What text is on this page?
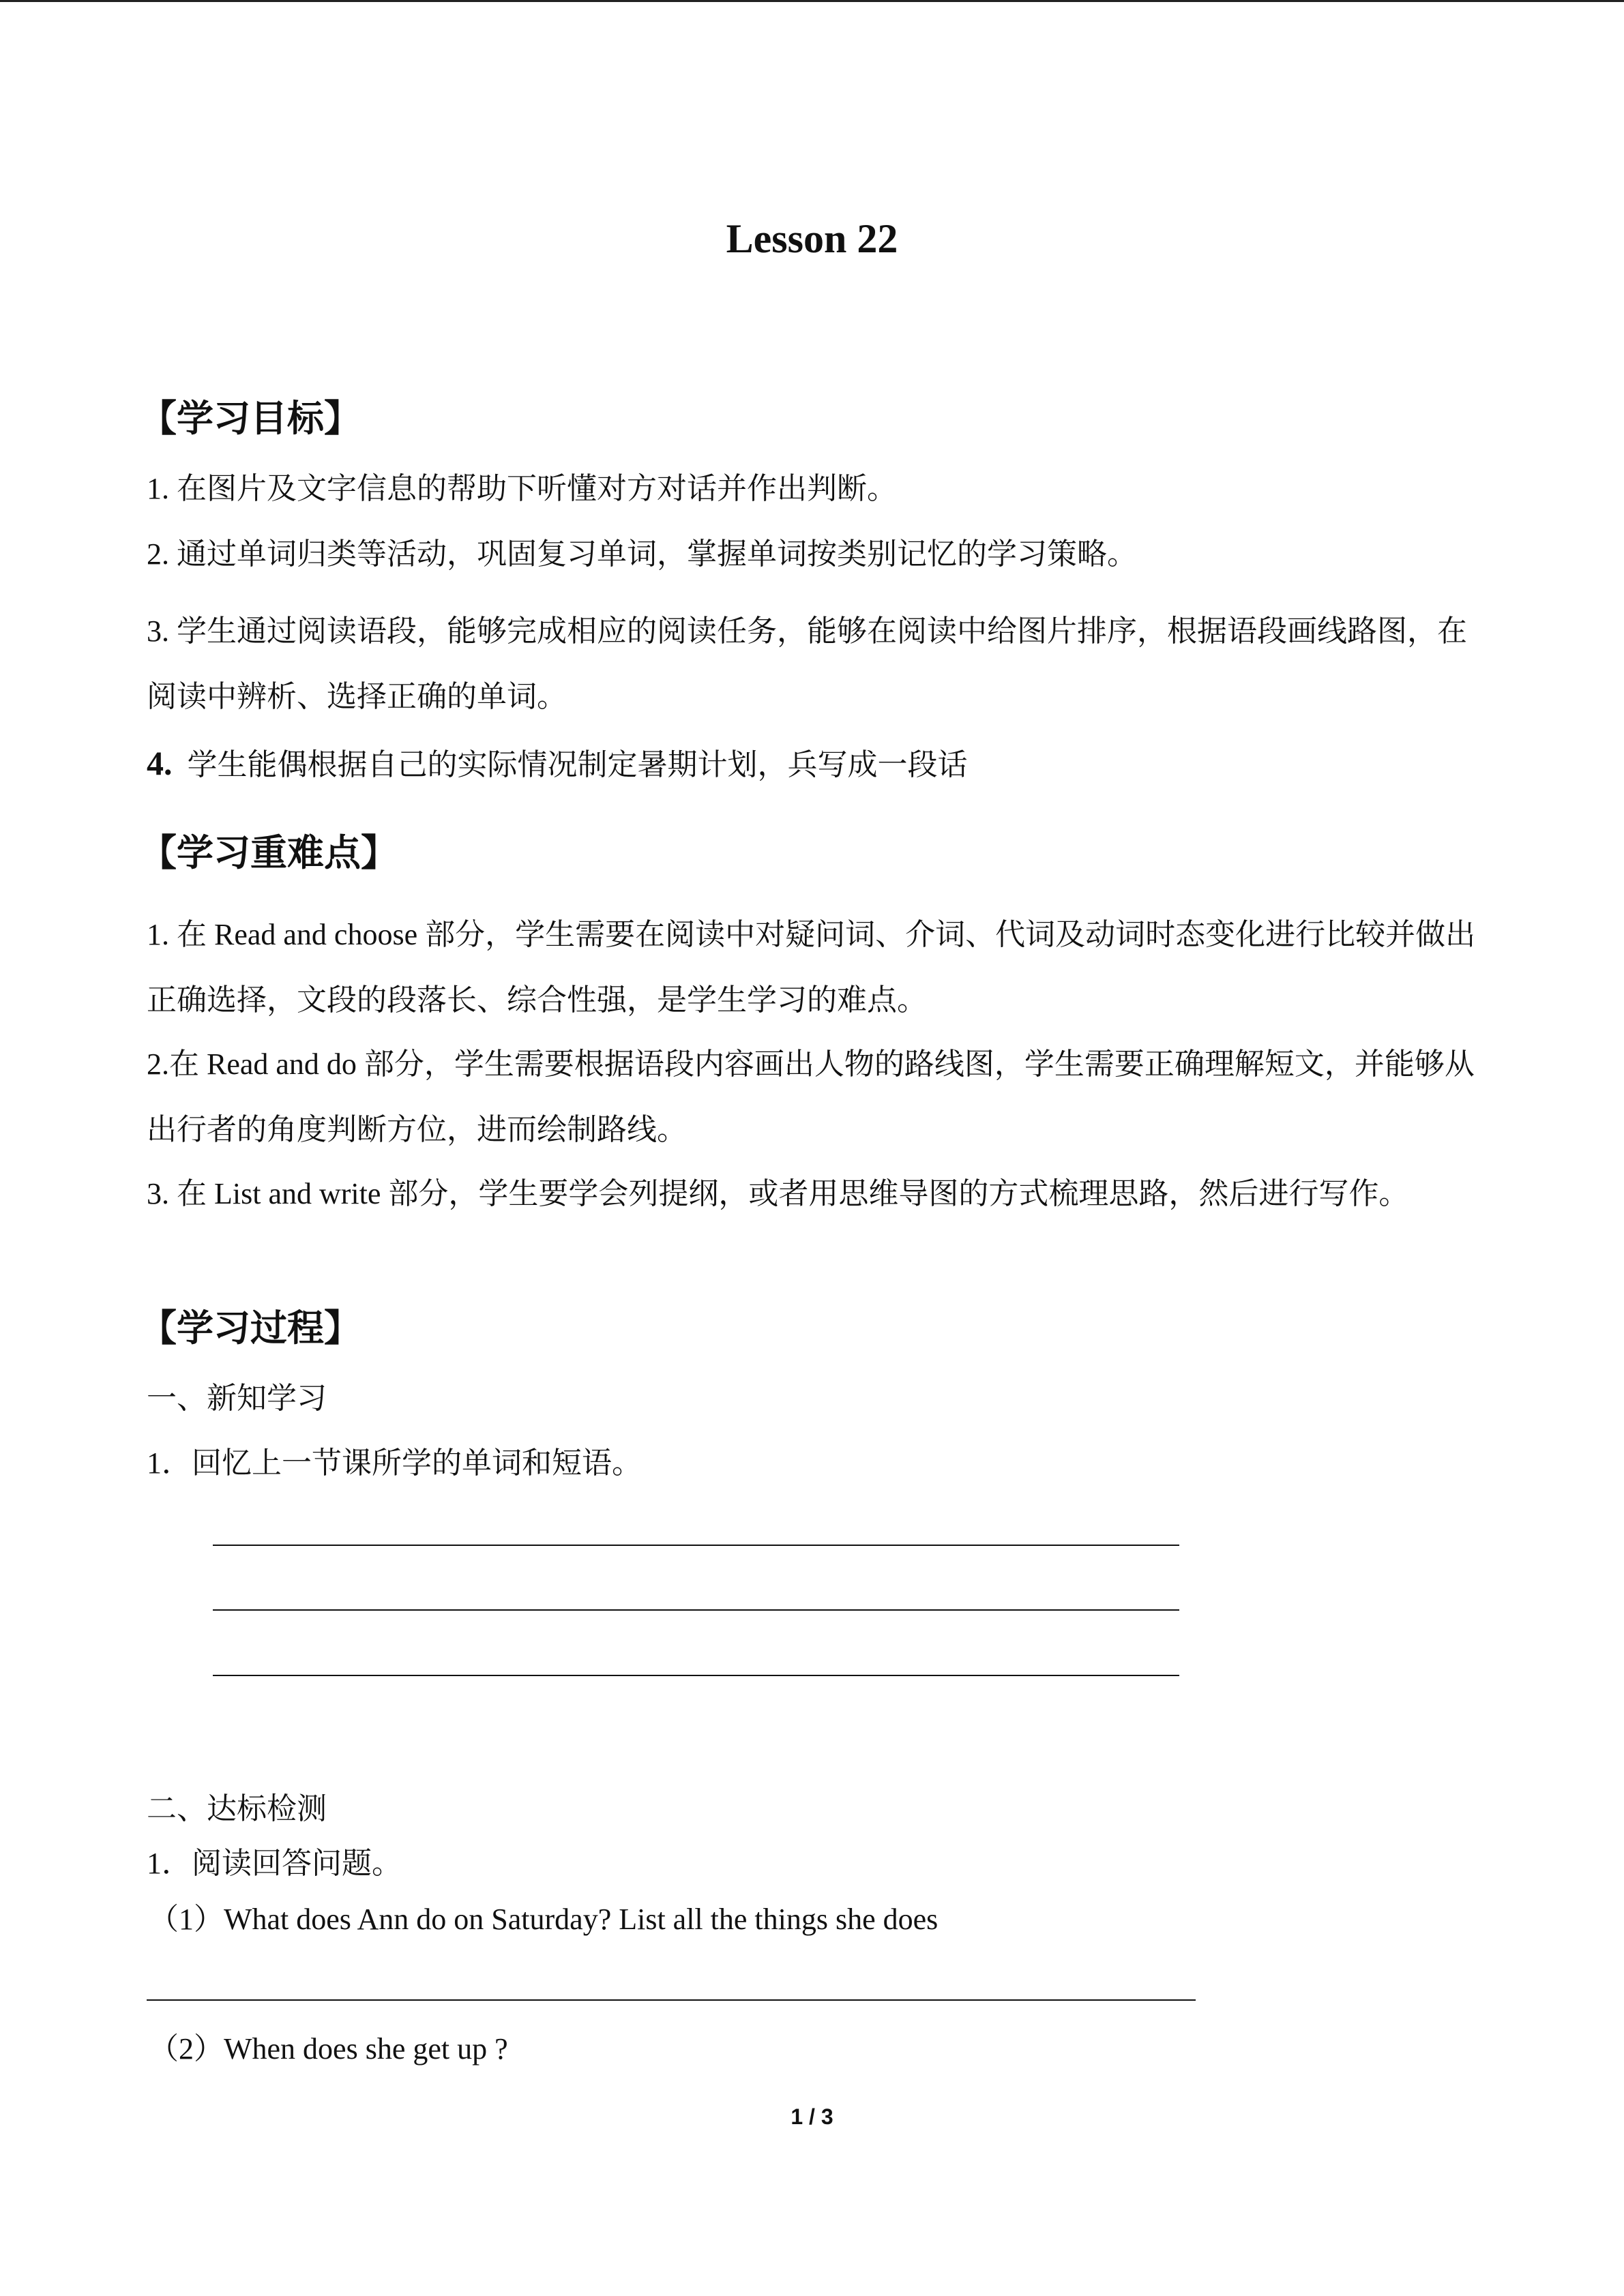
Lesson 22
【学习目标】

1. 在图片及文字信息的帮助下听懂对方对话并作出判断。

2. 通过单词归类等活动，巩固复习单词，掌握单词按类别记忆的学习策略。

3. 学生通过阅读语段，能够完成相应的阅读任务，能够在阅读中给图片排序，根据语段画线路图，在阅读中辨析、选择正确的单词。

4. 学生能偶根据自己的实际情况制定暑期计划，兵写成一段话

【学习重难点】

1. 在 Read and choose 部分，学生需要在阅读中对疑问词、介词、代词及动词时态变化进行比较并做出正确选择，文段的段落长、综合性强，是学生学习的难点。

2.在 Read and do 部分，学生需要根据语段内容画出人物的路线图，学生需要正确理解短文，并能够从出行者的角度判断方位，进而绘制路线。

3. 在 List and write 部分，学生要学会列提纲，或者用思维导图的方式梳理思路，然后进行写作。

【学习过程】

一、新知学习

1．回忆上一节课所学的单词和短语。

二、达标检测

1．阅读回答问题。

（1）What does Ann do on Saturday? List all the things she does

（2）When does she get up ?

1 / 3
